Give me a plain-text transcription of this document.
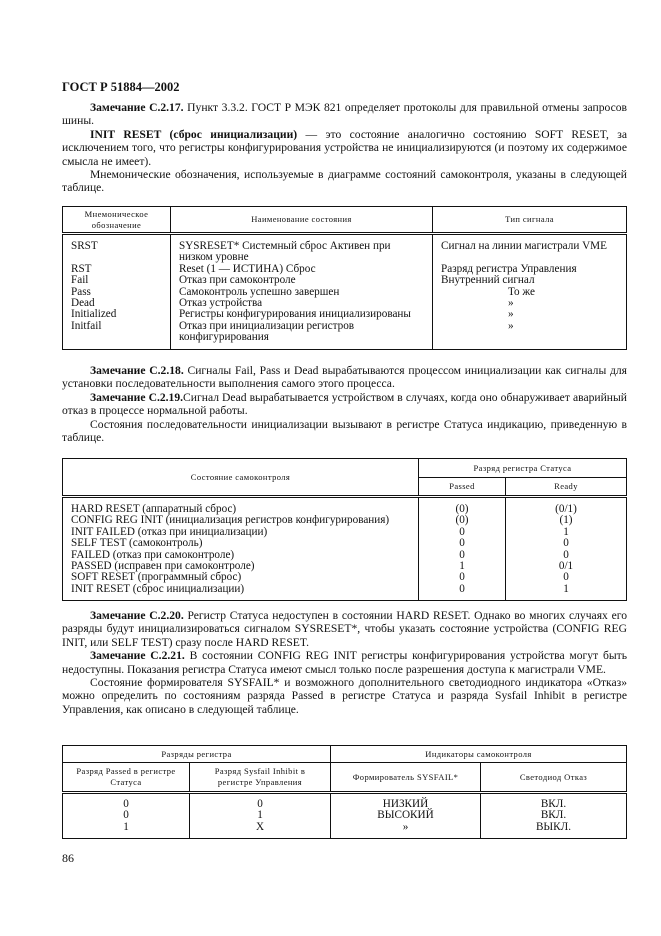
ГОСТ Р 51884—2002

Замечание С.2.17. Пункт 3.3.2. ГОСТ Р МЭК 821 определяет протоколы для правильной отмены запросов шины.

INIT RESET (сброс инициализации) — это состояние аналогично состоянию SOFT RESET, за исключением того, что регистры конфигурирования устройства не инициализируются (и поэтому их содержимое смысла не имеет).

Мнемонические обозначения, используемые в диаграмме состояний самоконтроля, указаны в следующей таблице.

Мнемоническое обозначение	Наименование состояния	Тип сигнала
SRST	SYSRESET* Системный сброс Активен при низком уровне	Сигнал на линии магистрали VME
RST	Reset (1 — ИСТИНА) Сброс	Разряд регистра Управления
Fail	Отказ при самоконтроле	Внутренний сигнал
Pass	Самоконтроль успешно завершен	То же
Dead	Отказ устройства	»
Initialized	Регистры конфигурирования инициализированы	»
Initfail	Отказ при инициализации регистров конфигурирования	»

Замечание С.2.18. Сигналы Fail, Pass и Dead вырабатываются процессом инициализации как сигналы для установки последовательности выполнения самого этого процесса.

Замечание С.2.19.Сигнал Dead вырабатывается устройством в случаях, когда оно обнаруживает аварийный отказ в процессе нормальной работы.

Состояния последовательности инициализации вызывают в регистре Статуса индикацию, приведенную в таблице.

Состояние самоконтроля	Разряд регистра Статуса	
	Passed	Ready
HARD RESET (аппаратный сброс)	(0)	(0/1)
CONFIG REG INIT (инициализация регистров конфигурирования)	(0)	(1)
INIT FAILED (отказ при инициализации)	0	1
SELF TEST (самоконтроль)	0	0
FAILED (отказ при самоконтроле)	0	0
PASSED (исправен при самоконтроле)	1	0/1
SOFT RESET (программный сброс)	0	0
INIT RESET (сброс инициализации)	0	1

Замечание С.2.20. Регистр Статуса недоступен в состоянии HARD RESET. Однако во многих случаях его разряды будут инициализироваться сигналом SYSRESET*, чтобы указать состояние устройства (CONFIG REG INIT, или SELF TEST) сразу после HARD RESET.

Замечание С.2.21. В состоянии CONFIG REG INIT регистры конфигурирования устройства могут быть недоступны. Показания регистра Статуса имеют смысл только после разрешения доступа к магистрали VME.

Состояние формирователя SYSFAIL* и возможного дополнительного светодиодного индикатора «Отказ» можно определить по состояниям разряда Passed в регистре Статуса и разряда Sysfail Inhibit в регистре Управления, как описано в следующей таблице.

Разряды регистра		Индикаторы самоконтроля	
Разряд Passed в регистре Статуса	Разряд Sysfail Inhibit в регистре Управления	Формирователь SYSFAIL*	Светодиод Отказ
0	0	НИЗКИЙ	ВКЛ.
0	1	ВЫСОКИЙ	ВКЛ.
1	X	»	ВЫКЛ.
86
